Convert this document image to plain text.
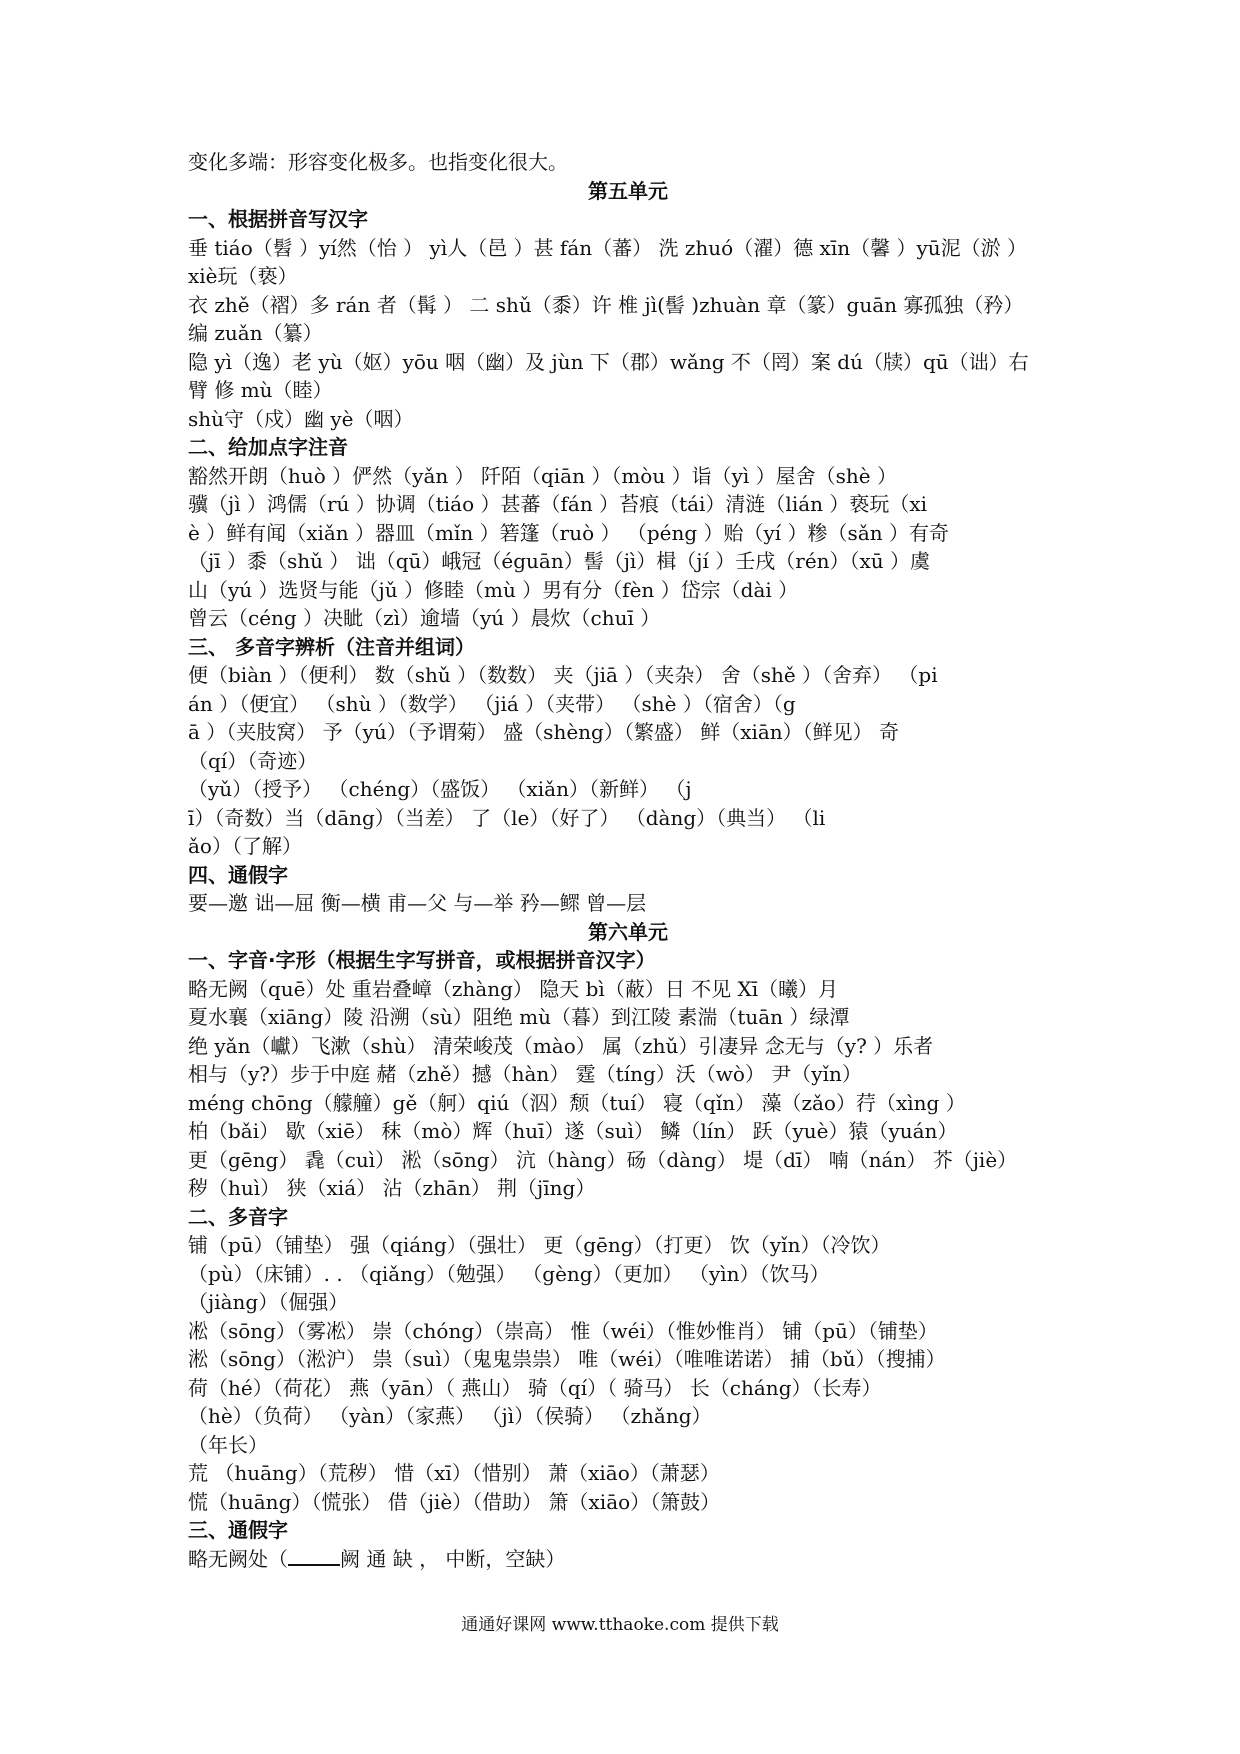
变化多端：形容变化极多。也指变化很大。
第五单元
一、根据拼音写汉字
垂 tiáo（髫 ）yí然（怡 ） yì人（邑 ）甚 fán（蕃） 洗 zhuó（濯）德 xīn（馨 ）yū泥（淤 ）
xiè玩（亵）
衣 zhě（褶）多 rán 者（髯 ） 二 shǔ（黍）许 椎 jì(髻 )zhuàn 章（篆）guān 寡孤独（矜）
编 zuǎn（纂）
隐 yì（逸）老 yù（妪）yōu 咽（幽）及 jùn 下（郡）wǎng 不（罔）案 dú（牍）qū（诎）右
臂 修 mù（睦）
shù守（戍）幽 yè（咽）
二、给加点字注音
豁然开朗（huò ）俨然（yǎn ） 阡陌（qiān ）（mòu ）诣（yì ）屋舍（shè ）
骥（jì ）鸿儒（rú ）协调（tiáo ）甚蕃（fán ）苔痕（tái）清涟（lián ）亵玩（xi
è ）鲜有闻（xiǎn ）器皿（mǐn ）箬篷（ruò ） （péng ）贻（yí ）糁（sǎn ）有奇
（jī ）黍（shǔ ） 诎（qū）峨冠（éguān）髻（jì）楫（jí ）壬戌（rén）（xū ）虞
山（yú ）选贤与能（jǔ ）修睦（mù ）男有分（fèn ）岱宗（dài ）
曾云（céng ）决眦（zì）逾墙（yú ）晨炊（chuī ）
三、 多音字辨析（注音并组词）
便（biàn ）（便利） 数（shǔ ）（数数） 夹（jiā ）（夹杂） 舍（shě ）（舍弃） （pi
án ）（便宜） （shù ）（数学） （jiá ）（夹带） （shè ）（宿舍）（g
ā ）（夹肢窝） 予（yú）（予谓菊） 盛（shèng）（繁盛） 鲜（xiān）（鲜见） 奇
（qí）（奇迹）
（yǔ）（授予） （chéng）（盛饭） （xiǎn）（新鲜） （j
ī）（奇数）当（dāng）（当差） 了（le）（好了） （dàng）（典当） （li
ǎo）（了解）
四、通假字
要—邀 诎—屈 衡—横 甫—父 与—举 矜—鳏 曾—层
第六单元
一、字音·字形（根据生字写拼音，或根据拼音汉字）
略无阙（quē）处 重岩叠嶂（zhàng） 隐天 bì（蔽）日 不见 Xī（曦）月
夏水襄（xiāng）陵 沿溯（sù）阻绝 mù（暮）到江陵 素湍（tuān ）绿潭
绝 yǎn（巘）飞漱（shù） 清荣峻茂（mào） 属（zhǔ）引凄异 念无与（y? ）乐者
相与（y?）步于中庭 赭（zhě）撼（hàn） 霆（tíng）沃（wò） 尹（yǐn）
méng chōng（艨艟）gě（舸）qiú（泅）颓（tuí） 寝（qǐn） 藻（zǎo）荇（xìng ）
柏（bǎi） 歇（xiē） 秣（mò）辉（huī）遂（suì） 鳞（lín） 跃（yuè）猿（yuán）
更（gēng） 毳（cuì） 淞（sōng） 沆（hàng）砀（dàng） 堤（dī） 喃（nán） 芥（jiè）
秽（huì） 狭（xiá） 沾（zhān） 荆（jīng）
二、多音字
铺（pū）（铺垫） 强（qiáng）（强壮） 更（gēng）（打更） 饮（yǐn）（冷饮）
（pù）（床铺）. . （qiǎng）（勉强） （gèng）（更加） （yìn）（饮马）
（jiàng）（倔强）
凇（sōng）（雾凇） 崇（chóng）（崇高） 惟（wéi）（惟妙惟肖） 铺（pū）（铺垫）
淞（sōng）（淞沪） 祟（suì）（鬼鬼祟祟） 唯（wéi）（唯唯诺诺） 捕（bǔ）（搜捕）
荷（hé）（荷花） 燕（yān）（ 燕山） 骑（qí）（ 骑马） 长（cháng）（长寿）
（hè）（负荷） （yàn）（家燕） （jì）（侯骑） （zhǎng）
（年长）
荒 （huāng）（荒秽） 惜（xī）（惜别） 萧（xiāo）（萧瑟）
慌（huāng）（慌张） 借（jiè）（借助） 箫（xiāo）（箫鼓）
三、通假字
略无阙处（	阙 通 缺 ， 中断，空缺）
通通好课网 www.tthaoke.com 提供下载
